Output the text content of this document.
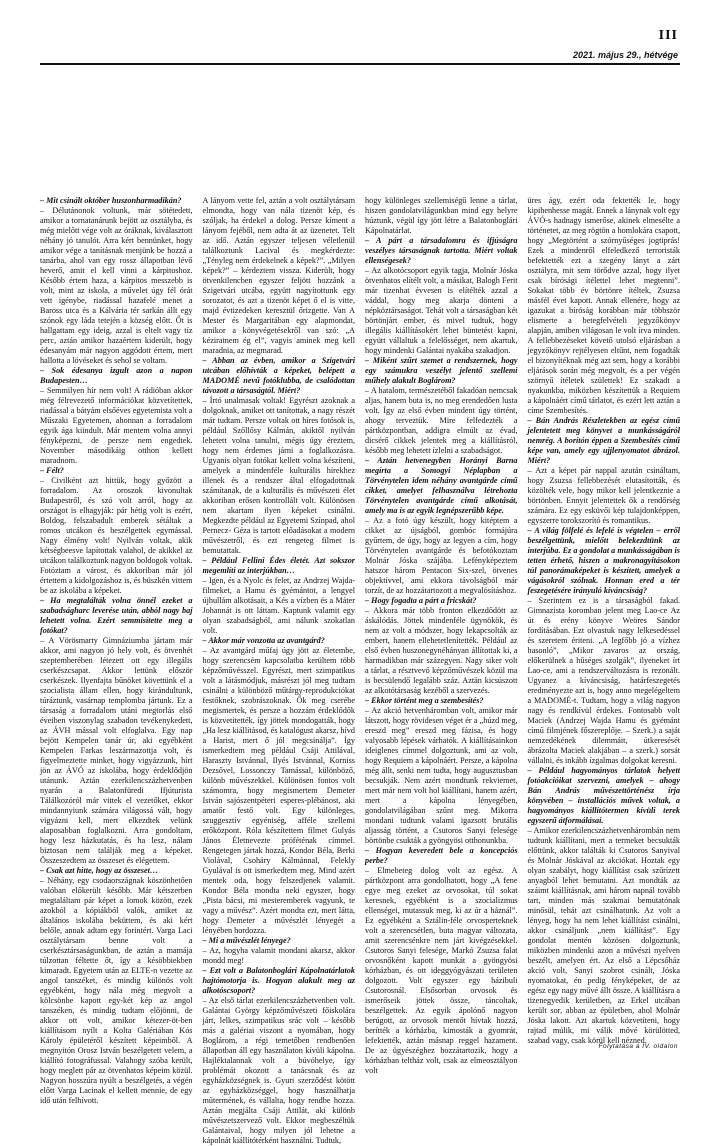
III
2021. május 29., hétvége

– Mit csinált október huszonharmadikán?

– Délutánonok voltunk, már sötétedett, amikor a tornatanárunk bejött az osztályba, és még mielőtt vége volt az óráknak, kiválasztott néhány jó tanulót. Arra kért bennünket, hogy amikor vége a tanításnak menjünk be hozzá a tanárba, ahol van egy rossz állapotban lévő heverő, amit el kell vinni a kárpitoshoz. Később értem haza, a kárpitos messzebb is volt, mint az iskola, a művelet úgy fél órát vett igénybe, riadással hazafelé menet a Baross utca és a Kálvária tér sarkán állt egy szónok egy láda tetején a község előtt. Őt is hallgattam egy ideig, azzal is eltelt vagy tíz perc, aztán amikor hazaértem kiderült, hogy édesanyám már nagyon aggódott értem, mert hallotta a lövéseket és sehol se voltam.

– Sok édesanya izgult azon a napon Budapesten…

– Semmilyen hír nem volt! A rádióban akkor még félrevezető információkat közvetítettek, riadással a bátyám elsőéves egyetemista volt a Műszaki Egyetemen, ahonnan a forradalom egyik ága kiindult. Már mentem volna annyi fényképezni, de persze nem engedtek. November másodikáig otthon kellett maradnom.

– Félt?

– Civilként azt hittük, hogy győzött a forradalom. Az oroszok kivonultak Budapestről, és szó volt arról, hogy az országot is elhagyják: pár hétig volt is ezért, Boldog, felszabadult emberek sétáltak a romos utcákon és beszélgettek egymással. Nagy élmény volt! Nyilván voltak, akik kétségbeesve lapítottak valahol, de akikkel az utcákon találkoztunk nagyon boldogok voltak. Fotóztam a várost, és akkoriban már jól értettem a kidolgozáshoz is, és büszkén vittem be az iskolába a képeket.

– Ha megtalálták volna önnél ezeket a szabadságharc leverése után, abból nagy baj lehetett volna. Ezért semmisítette meg a fotókat?

– A Vörösmarty Gimnáziumba jártam már akkor, ami nagyon jó hely volt, és ötvenhét szeptemberében létezett ott egy illegális cserkészcsapat. Akkor lettünk először cserkészek. Ilyenfajta bűnöket követtünk el a szocialista állam ellen, hogy kirándultunk, túráztunk, vasárnap templomba jártunk. Ez a társaság a forradalom utáni megtorlás első éveiben viszonylag szabadon tevékenykedett, az ÁVH mással volt elfoglalva. Egy nap bejött Kempelen tanár úr, aki egyébként Kempelen Farkas leszármazottja volt, és figyelmeztette minket, hogy vigyázzunk, hírt jön az ÁVÓ az iskolába, hogy érdeklődjön utánunk. Aztán ezerkilencszázhetvenben nyarán a Balatonfüredi Ifjúturista Tálálkozóról már vittek el vezetőket, ekkor mindannyiunk számára világossá vált, hogy vigyázni kell, mert elkezdtek velünk alaposabban foglalkozni. Arra gondoltam, hogy lesz házkutatás, és ha lesz, nálam biztosan nem találják meg a képeket. Összeszedtem az összeset és elégettem.

– Csak azt hitte, hogy az összeset…

– Néhány, egy csodaországnak köszönhetően valóban előkerült később. Már kétszerben megtaláltam pár képet a lomok között, ezek azokból a kópiákból valók, amiket az általános iskolába beküttem, és aki kért belőle, annak adtam egy forintért. Varga Laci osztálytársam benne volt a cserkésztársaságunkban, de aztán a mamája túlzottan féltette őt, így a késöbbiekben kimaradt. Egyetem után az ELTE-n vezette az angol tanszéket, és mindig különös volt egyébként, hogy nála még megvolt a kölcsönbe kapott egy-két kép az angol tanszéken, és mindig tudtam előjönni, de akkor ott volt, amikor kétezer-öt-ben kiállításom nyílt a Kolta Galériában Kós Károly épületéről készített képeimből. A megnyitón Orosz István beszélgetett velem, a kiállító fotográfussal. Valahogy szóba került, hogy meglett pár az ötvenhatos képeim közül. Nagyon hosszúra nyúlt a beszélgetés, a végén előtt Varga Lacinak el kellett mennie, de egy idő után felhívott.

A lányom vette fel, aztán a volt osztálytársam elmondta, hogy van nála tizenöt kép, és szóljak, ha érdekel a dolog. Persze kíment a lányom fejéből, nem adta át az üzenetet. Telt az idő. Aztán egyszer teljesen véletlenül találkoztunk Lacival és megkérdezte: „Tényleg nem érdekelnek a képek?”. „Milyen képek?” – kérdeztem vissza. Kiderült, hogy ötvenkilencben egyszer feljött hozzánk a Szigetvári utcába, együtt nagyítottunk egy sorozatot, és azt a tizenöt képet ő el is vitte, majd évtizedeken keresztül őrizgette. Van A Mester és Margaritában egy alapmondat, amikor a könyvégetésekről van szó: „A kéziratnem ég el”, vagyis aminek meg kell maradnia, az megmarad.

– Abban az évben, amikor a Szigetvári utcában előhívták a képeket, belépett a MADOMÉ nevű fotóklubba, de csalódottan távozott a társaságtól. Miért?

– Írtó unalmasak voltak! Egyrészt azoknak a dolgoknak, amiket ott tanítottak, a nagy részét már tudtam. Persze voltak ott híres fotósok is, például Szőllősy Kálmán, akiktől nyilván lehetett volna tanulni, mégis úgy éreztem, hogy nem érdemes járni a foglalkozásra. Ugyanis olyan fotókat kellett volna készíteni, amelyek a mindenféle kulturális hírekhez illenek és a rendszer által elfogadottnak számítanak, de a kulturális és művészeti élet akkoriban erősen kontrollált volt. Különösen nem akartam ilyen képeket csinálni. Megkezdte például az Egyetemi Színpad, ahol Pernecz- Géza is tartott előadásokat a modern művészetről, és ezt rengeteg filmet is bemutattak.

– Például Fellini Édes életét. Azt sokszor megemlíti az interjúkban…

– Igen, és a Nyolc és felet, az Andrzej Wajda-filmeket, a Hamu és gyémántot, a lengyel újhullám alkotásait, a Kés a vízben és a Máter Johannát is ott láttam. Kaptunk valamit egy olyan szabadságból, ami nálunk szokatlan volt.

– Akkor már vonzotta az avantgárd?

– Az avantgárd műfaj úgy jött az életembe, hogy szerencsém kapcsolatba kerültem több képzőművésszel. Egyrészt, mert szimpatikus volt a látásmódjuk, másrészt jól meg tudtam csinálni a különböző műtárgy-reprodukciókat festőknek, szobrászoknak. Ők meg cserébe megismertek, és persze a hozzám érdeklődők is közvetítették, így jöttek mondogatták, hogy „Ha lesz kiállításod, és katalógust akarsz, hívd a Harist, mert ő jól megcsinálja”. Így ismerkedtem meg például Csáji Attilával, Haraszty Istvánnal, Ilyés Istvánnal, Korniss Dezsővel, Lossonczy Tamással, különböző, különb művészekkel. Különösen fontos volt számomra, hogy megismertem Demeter István sajószentpéteri esperes-plébánost, aki amatőr festő volt. Egy különleges, szuggesztív egyéniség, afféle szellemi erőközpont. Róla készítettem filmet Gulyás János Életnevezte próféténak címmel. Rengetegen jártak hozzá, Kondor Béla, Berki Violával, Csoháry Kálmánnal, Felekly Gyulával is ott ismerkedtem meg. Mind azért mentek oda, hogy felszedjenek valamit. Kondor Béla mondta neki egyszer, hogy „Pista bácsi, mi mesteremberek vagyunk, te vagy a művész”. Azért mondta ezt, mert látta, hogy Demeter a művészlét lényegét a lényében hordozza.

– Mi a művészlét lényege?

– Az, hogyha valamit mondani akarsz, akkor mondd meg!

– Ezt volt a Balatonboglári Kápolnatárlatok hajtómotorja is. Hogyan alakult meg az alkotóscsoport?

– Az első tárlat ezerkilencszázhetvenben volt. Galántai György képzőművészeti főiskolára járt, lelkes, szimpatikus srác volt – később más a galériai viszont a nyomában, hogy Boglárom, a régi temetőben rendbenően állapotban áll egy használaton kívüli kápolna. Hajléktalannak volt a búvóhelye, így problémát okozott a tanácsnak és az egyházközségnek is. Gyuri szerződést kötött az egyházközséggel, hogy használhatja műtermének, és vállalta, hogy rendbe hozza. Aztán megjálta Csáji Attilát, aki különb művészetszervező volt. Ekkor megbeszéltük Galántaival, hogy milyen jól lehetne a kápolnát kiállítótérként használni. Tudtuk,

hogy különleges szellemiségű lenne a tárlat, hiszen gondolatvilágunkban mind egy helyre húztunk, végül így jött létre a Balatonboglári Kápolnatárlat.

– A párt a társadalomra és ifjúságra veszélyes társaságnak tartotta. Miért voltak ellenségesek?

– Az alkotócsoport egyik tagja, Molnár Jóska ötvenhatos elítélt volt, a másikat, Balogh Ferit már tizenhat évvesen is elítélték azzal a váddal, hogy meg akarja dönteni a népköztársaságot. Tehát volt a társaságban két börtönjárt ember, és mivel tudtuk, hogy illegális kiállításokért lehet büntetést kapni, együtt vállaltuk a felelősséget, nem akartuk, hogy mindenki Galántai nyakába szakadjon.

– Miként szűrt szemet a rendszernek, hogy egy számukra veszélyt jelentő szellemi műhely alakult Boglárom?

– A hatalom, természetéből fakadóan nemcsak aljas, hanem buta is, no meg erendedően lusta volt. Így az első évben mindent úgy történt, ahogy terveztük. Mire felfedezték a pártközpontban, addigra elmúlt az évad, dicsérő cikkek jelentek meg a kiállításról, később meg lehetett ízlelni a szabadságot.

– Aztán hetvenegyben Horányi Barna megírta a Somogyi Néplapban a Törvénytelen idem néhány avantgárde című cikket, amelyet felhasználva létrehozta Törvénytelen avantgárde című alkotását, amely ma is az egyik legnépszerűbb képe.

– Az a fotó úgy készült, hogy kitéptem a cikket az újságból, gombóc formájúra gyűrtem, de úgy, hogy az legyen a cím, hogy Törvénytelen avantgárde és befotókoztam Molnár Jóska szájába. Lefényképeztem hatszor három Pentacon Six-szel, ötvenes objektívvel, ami ekkora távolságból már torzít, de az hozzátartozott a megvalósításhoz.

– Hogy fogadta a párt a fricskát?

– Akkora már több fronton elkezdődött az áskálódás. Jöttek mindenféle ügynökök, és nem az volt a módszer, hogy lekapcsolták az embert, hanem ellehetetlenítették. Például az első évben huszonegynéhányan állítottak ki, a harmadikban már százegyen. Nagy siker volt a tárlat, a résztvevő képzőművészek közül ma is becsülendő legalább száz. Aztán kicsúszott az alkotótársaság kezéből a szervezés.

– Ekkor történt meg a szembesítés?

– Az akció hetvenháromban volt, amikor már látszott, hogy rövidesen véget ér a „húzd meg, ereszd meg” ereszd meg fázisa, és hogy valyosabb lépések várhatók. A kiállításainkon ideiglenes címmel dolgoztunk, ami az volt, hogy Requiem a kápolnáért. Persze, a kápolna még állt, senki nem tudta, hogy augusztusban becsukják. Nem azért mondtunk rekviemet, mert már nem volt hol kiállítani, hanem azért, mert a kápolna lényegében, gondolatvilágában szűnt meg. Mikorra mondani tudtunk valami igazsott brutális aljasság történt, a Csutoros Sanyi felesége börtönbe csukták a gyöngyösi otthonunkba.

– Hogyan keveredett bele a koncepciós perbe?

– Elmebeteg dolog volt az egész. A pártközpont arra gondolhatott, hogy „A fene egye meg ezeket az orvosokat, túl sokat keresnek, egyébként is a szocializmus ellenségei, mutassuk meg, ki az úr a háznál”. Ez egyébként a Sztálin-féle orvosperteknek volt a szerencsétlen, buta magyar változata, amit szerencsénkre nem járt kivégzésekkel. Csutoros Sanyi felesége, Markó Zsuzsa falat orvosnőként kapott munkát a gyöngyösi kórházban, és ott ideggyógyászati területen dolgozott. Volt egyszer egy házibuli Csutorosnál. Elsősorban orvosok és ismerőseik jöttek össze, táncoltak, beszélgettek. Az egyik ápolónő nagyon berúgott, az orvosok mentőt hívtak hozzá, berítték a kórházba, kimosták a gyomrát, lefektették, aztán másnap reggel hazament. De az ügyészéghez hozzátartozik, hogy a kórházban teltház volt, csak az elmeosztályon volt

üres ágy, ezért oda fektették le, hogy kipihenhesse magát. Ennek a lánynak volt egy ÁVÓ-s hadnagy ismerőse, akinek elmesélte a történetet, az meg rögtön a homlokára csapott, hogy „Megtörtént a szórnyűséges jogtiprás! Ezek a mindenről elfeledkező terroristák befektették ezt a szegény lányt a zárt osztályra, mit sem törődve azzal, hogy ilyet csak bírósági ítélettel lehet megtenni”. Sokakat több év börtönre ítéltek, Zsuzsa másfél évet kapott. Annak ellenére, hogy az igazukat a bíróság korábban már többször elismerte a betegfelvételi jegyzőkönyv alapján, amiben világosan le volt írva minden. A fellebbezéseket követő utolsó eljárásban a jegyzőkönyv rejtélyesen eltűnt, nem fogadták el bizonyítéknak még azt sem, hogy a korábbi eljárások során még megvolt, és a per végén szörnyű ítéletek születtek! Ez szakadt a nyakunkba, miközben készítettük a Requiem a kápolnáért című tárlatot, és ezért lett aztán a címe Szembesítés.

– Bán András Részletekben az egész című jelentetett meg könyvet a munkásságáról nemrég. A borítón éppen a Szembesítés című képe van, amely egy ujjlenyomatot ábrázol. Miért?

– Azt a képet pár nappal azután csináltam, hogy Zsuzsa fellebbezését elutasították, és közölték vele, hogy mikor kell jelentkeznie a börtönben. Ennyit jelentettek ők a rendőrség számára. Ez egy esküvői kép tulajdonképpen, egyszerre torokszorító és romantikus.

– A világ fölfelé és lefelé is végtelen – erről beszélgettünk, mielőtt belekezdtünk az interjúba. Ez a gondolat a munkásságában is tetten érhető, hiszen a makronagyításokon túl panorámaképeket is készített, amelyek a vágásokról szólnak. Honnan ered a tér feszegetésére irányuló kíváncsiság?

– Szerintem ez is a társaságból fakad. Gimnazista koromban jelent meg Lao-ce Az út és erény könyve Weöres Sándor fordításában. Ezt olvastuk nagy lelkesedéssel és szeretem ériteni. „A legfőbb jó a vízhez hasonló”, „Mikor zavaros az ország, előkerülnek a hűséges szolgák”, ilyeneket írt Lao-ce, ami a rendszerváltozásra is rezonált. Ugyanez a kíváncsiság, határfeszegetés eredményezte azt is, hogy anno megelégeltem a MADOMÉ-t. Tudtam, hogy a világ nagyon nagy és rendkívül érdekes. Fontosabb volt Maciek (Andrzej Wajda Hamu és gyémánt című filmjének főszereplője. – Szerk.) a saját nemzedékének dilemmáit, útkeresését ábrázolta Maciek alakjában – a szerk.) sorsát vállalni, és inkább ízgalmas dolgokat keresni.

– Például hagyományos tárlatok helyett fotóakcióikat szervezni, amelyek – ahogy Bán András művészettörténész írja könyvében – installációs művek voltak, a hagyományos kiállítótermen kívüli terek egyszerű átformálásai.

– Amikor ezerkilencszázhetvenhárombán nem tudtunk kiállítani, mert a termeket becsukták előttünk, akkor találták ki Csutoros Sanyival és Molnár Jóskával az akciókat. Hoztak egy olyan szabályt, hogy kiállítást csak szűrízett anyagból lehet bemutatni. Azt mondták az száimt kiállításnak, ami három napnál tovább tart, minden más szakmai bemutatónak minősül, tehát azt csinálhatunk. Az volt a lényeg, hogy ha nem lehet kiállítást csinálni, akkor csináljunk „nem kiállítást”. Egy gondolat mentén közösen dolgoztunk, miközben mindenki azon a művészi nyelven beszélt, amelyen ért. Az első a Lépcsőház akció volt, Sanyi szobrot csinált, Jóska nyomatokat, én pedig fényképeket, de az egész egy nagy művé állt össze. A kiállításra a tizenegyedik kerületben, az Erkel utcában került sor, abban az épületben, ahol Molnár Jóska lakott. Azt akartuk közvetíteni, hogy rajtad múlik, mi válik mővé körülötted, szabad vagy, csak körül kell nézned.

Folytatása a IV. oldalon
